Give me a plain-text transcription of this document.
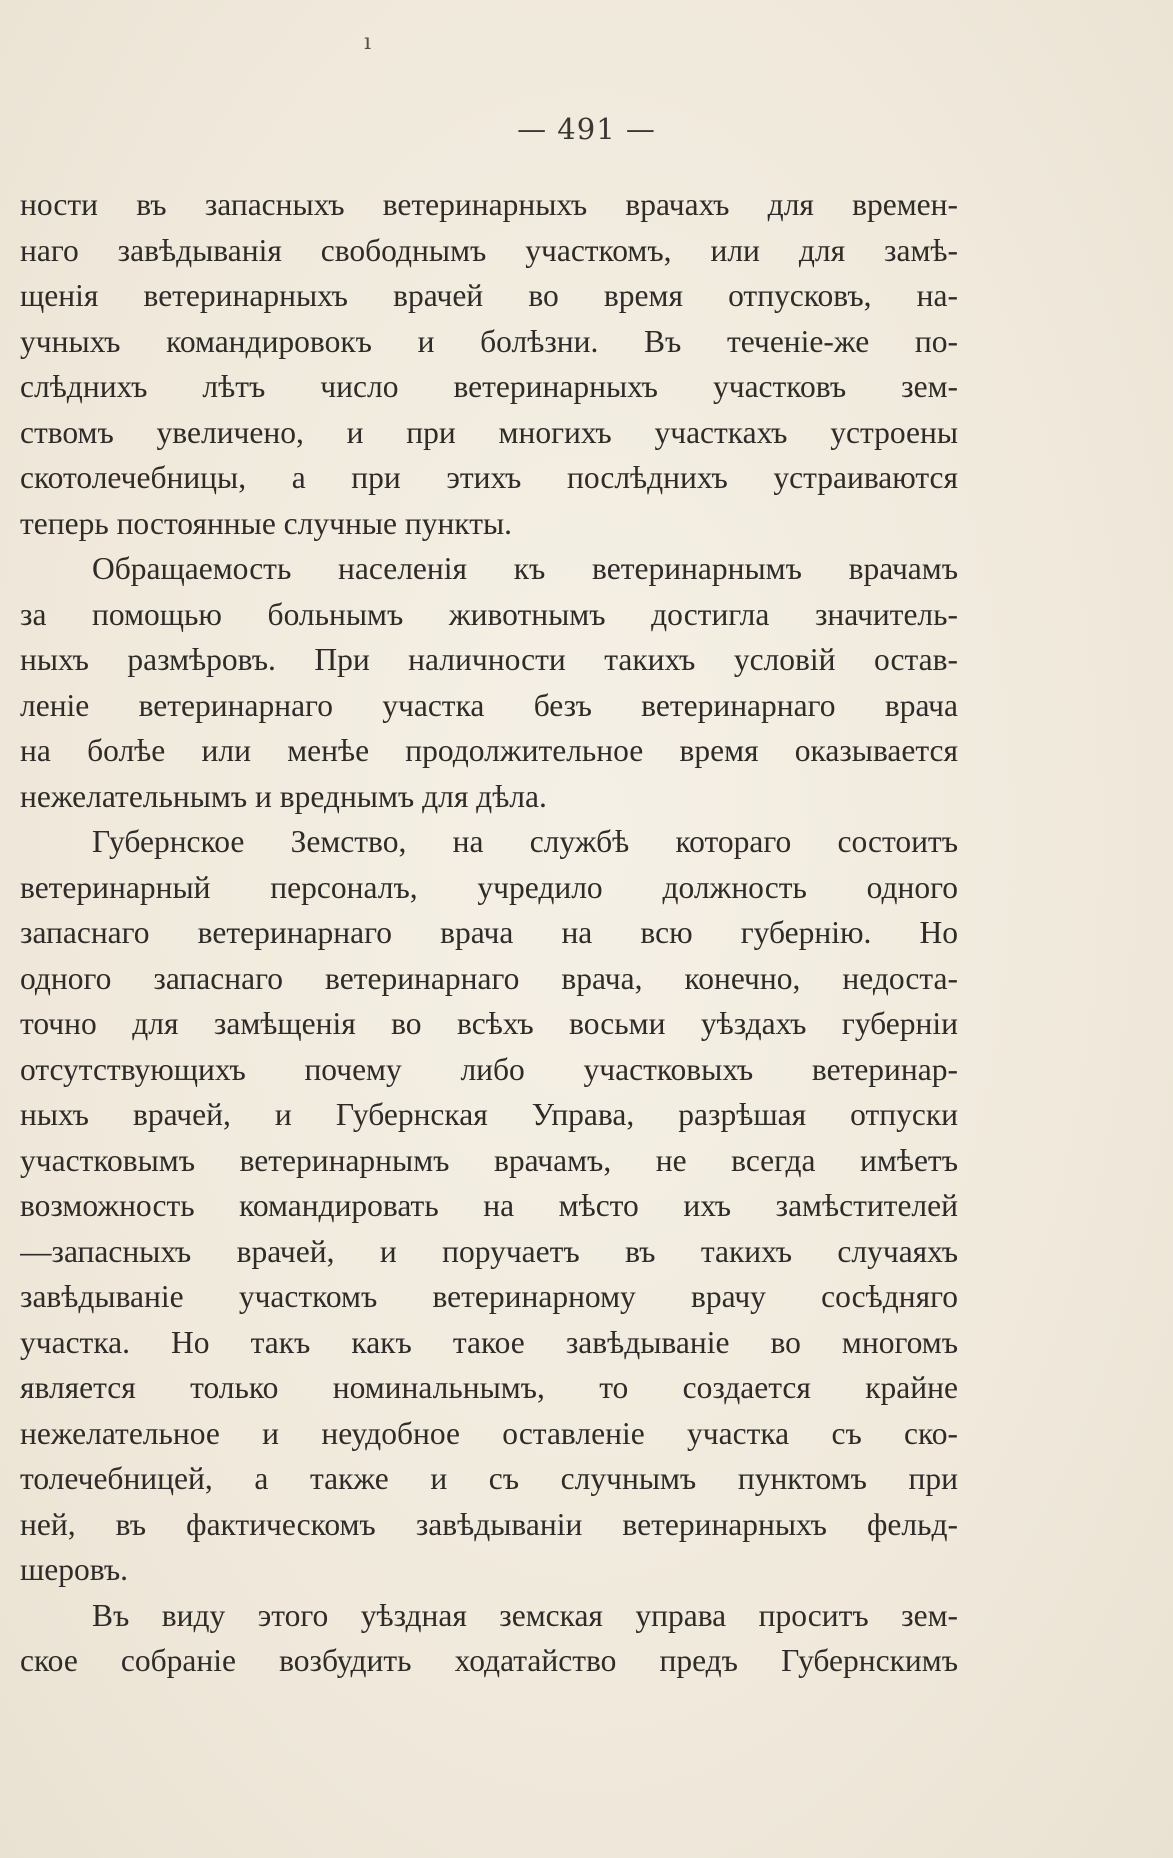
ı
— 491 —
ности въ запасныхъ ветеринарныхъ врачахъ для времен-
наго завѣдыванія свободнымъ участкомъ, или для замѣ-
щенія ветеринарныхъ врачей во время отпусковъ, на-
учныхъ командировокъ и болѣзни. Въ теченіе-же по-
слѣднихъ лѣтъ число ветеринарныхъ участковъ зем-
ствомъ увеличено, и при многихъ участкахъ устроены
скотолечебницы, а при этихъ послѣднихъ устраиваются
теперь постоянные случные пункты.
Обращаемость населенія къ ветеринарнымъ врачамъ
за помощью больнымъ животнымъ достигла значитель-
ныхъ размѣровъ. При наличности такихъ условій остав-
леніе ветеринарнаго участка безъ ветеринарнаго врача
на болѣе или менѣе продолжительное время оказывается
нежелательнымъ и вреднымъ для дѣла.
Губернское Земство, на службѣ котораго состоитъ
ветеринарный персоналъ, учредило должность одного
запаснаго ветеринарнаго врача на всю губернію. Но
одного запаснаго ветеринарнаго врача, конечно, недоста-
точно для замѣщенія во всѣхъ восьми уѣздахъ губерніи
отсутствующихъ почему либо участковыхъ ветеринар-
ныхъ врачей, и Губернская Управа, разрѣшая отпуски
участковымъ ветеринарнымъ врачамъ, не всегда имѣетъ
возможность командировать на мѣсто ихъ замѣстителей
—запасныхъ врачей, и поручаетъ въ такихъ случаяхъ
завѣдываніе участкомъ ветеринарному врачу сосѣдняго
участка. Но такъ какъ такое завѣдываніе во многомъ
является только номинальнымъ, то создается крайне
нежелательное и неудобное оставленіе участка съ ско-
толечебницей, а также и съ случнымъ пунктомъ при
ней, въ фактическомъ завѣдываніи ветеринарныхъ фельд-
шеровъ.
Въ виду этого уѣздная земская управа проситъ зем-
ское собраніе возбудить ходатайство предъ Губернскимъ
